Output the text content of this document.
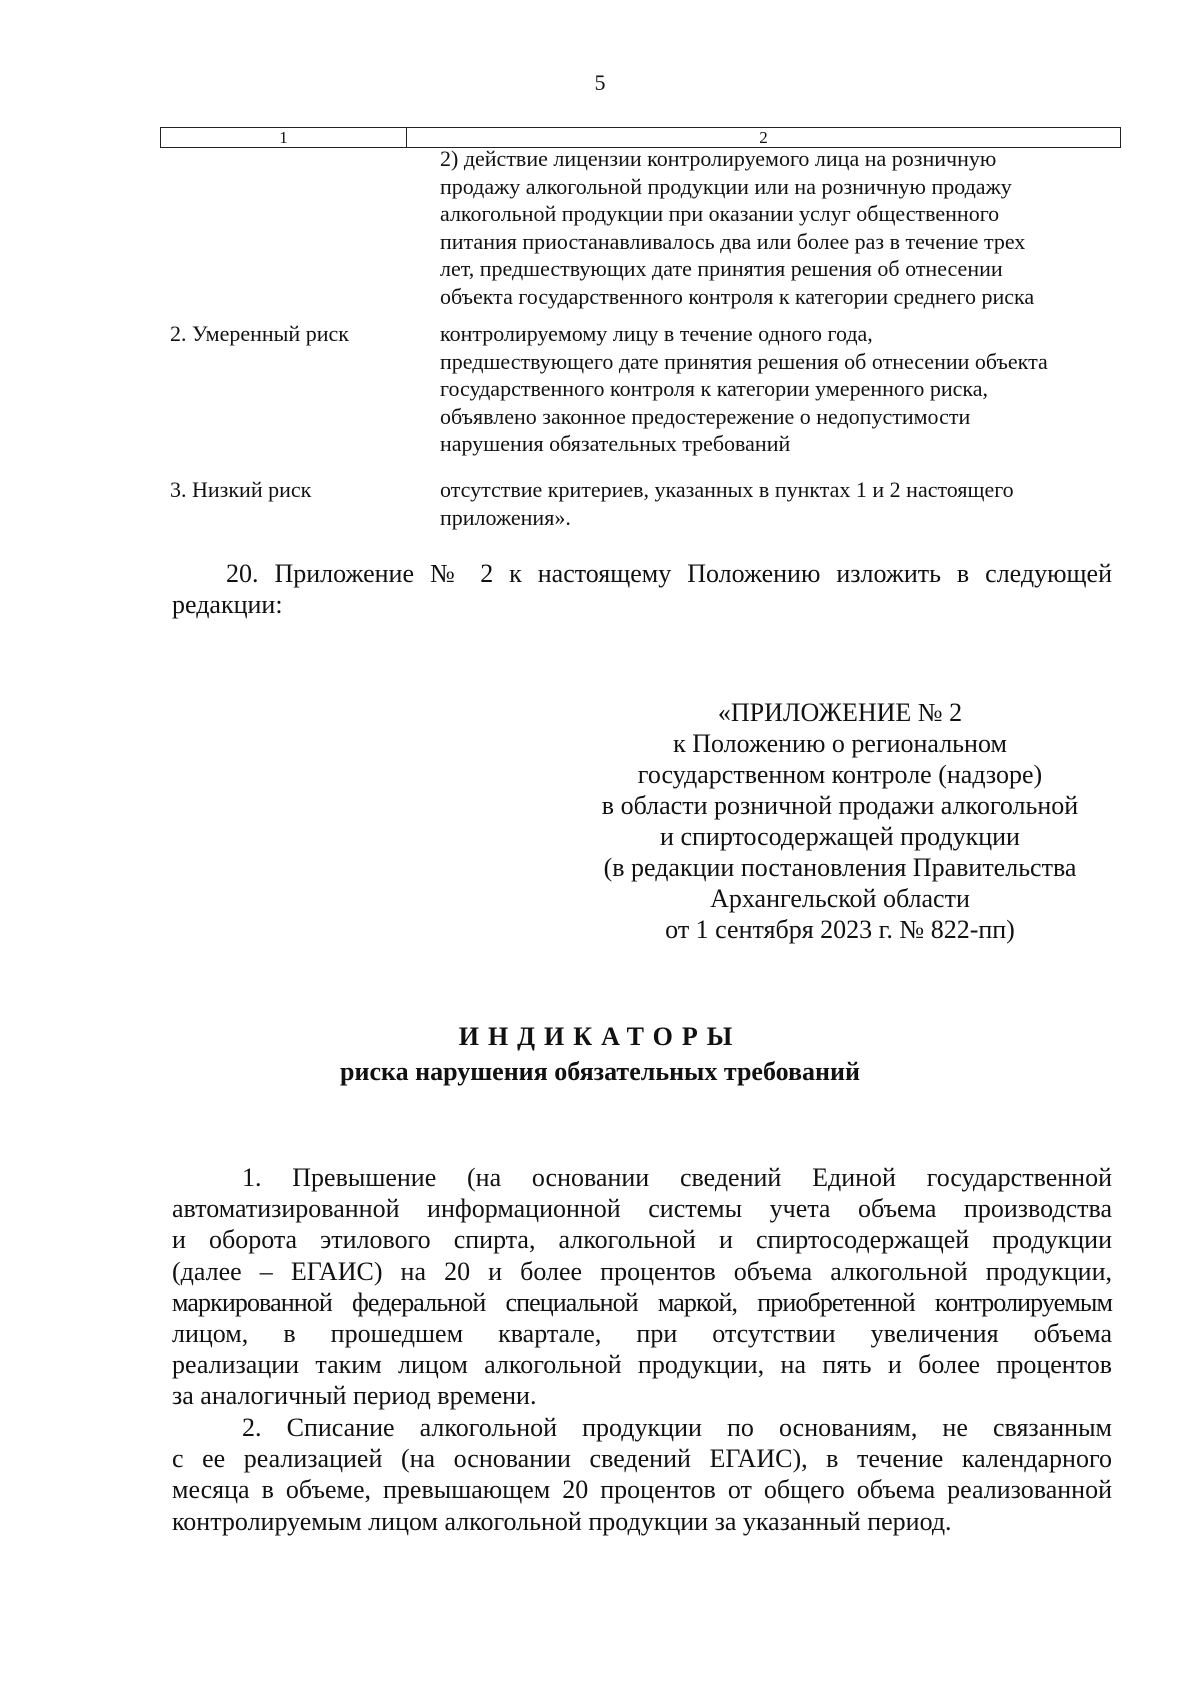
5
1	2
2) действие лицензии контролируемого лица на розничную
продажу алкогольной продукции или на розничную продажу
алкогольной продукции при оказании услуг общественного
питания приостанавливалось два или более раз в течение трех
лет, предшествующих дате принятия решения об отнесении
объекта государственного контроля к категории среднего риска
2. Умеренный риск	контролируемому лицу в течение одного года,
предшествующего дате принятия решения об отнесении объекта
государственного контроля к категории умеренного риска,
объявлено законное предостережение о недопустимости
нарушения обязательных требований
3. Низкий риск	отсутствие критериев, указанных в пунктах 1 и 2 настоящего
приложения».
20. Приложение № 2 к настоящему Положению изложить в следующей
редакции:
«ПРИЛОЖЕНИЕ № 2
к Положению о региональном
государственном контроле (надзоре)
в области розничной продажи алкогольной
и спиртосодержащей продукции
(в редакции постановления Правительства
Архангельской области
от 1 сентября 2023 г. № 822-пп)
ИНДИКАТОРЫ
риска нарушения обязательных требований
1. Превышение (на основании сведений Единой государственной
автоматизированной информационной системы учета объема производства
и оборота этилового спирта, алкогольной и спиртосодержащей продукции
(далее – ЕГАИС) на 20 и более процентов объема алкогольной продукции,
маркированной федеральной специальной маркой, приобретенной контролируемым
лицом, в прошедшем квартале, при отсутствии увеличения объема
реализации таким лицом алкогольной продукции, на пять и более процентов
за аналогичный период времени.
2. Списание алкогольной продукции по основаниям, не связанным
с ее реализацией (на основании сведений ЕГАИС), в течение календарного
месяца в объеме, превышающем 20 процентов от общего объема реализованной
контролируемым лицом алкогольной продукции за указанный период.
